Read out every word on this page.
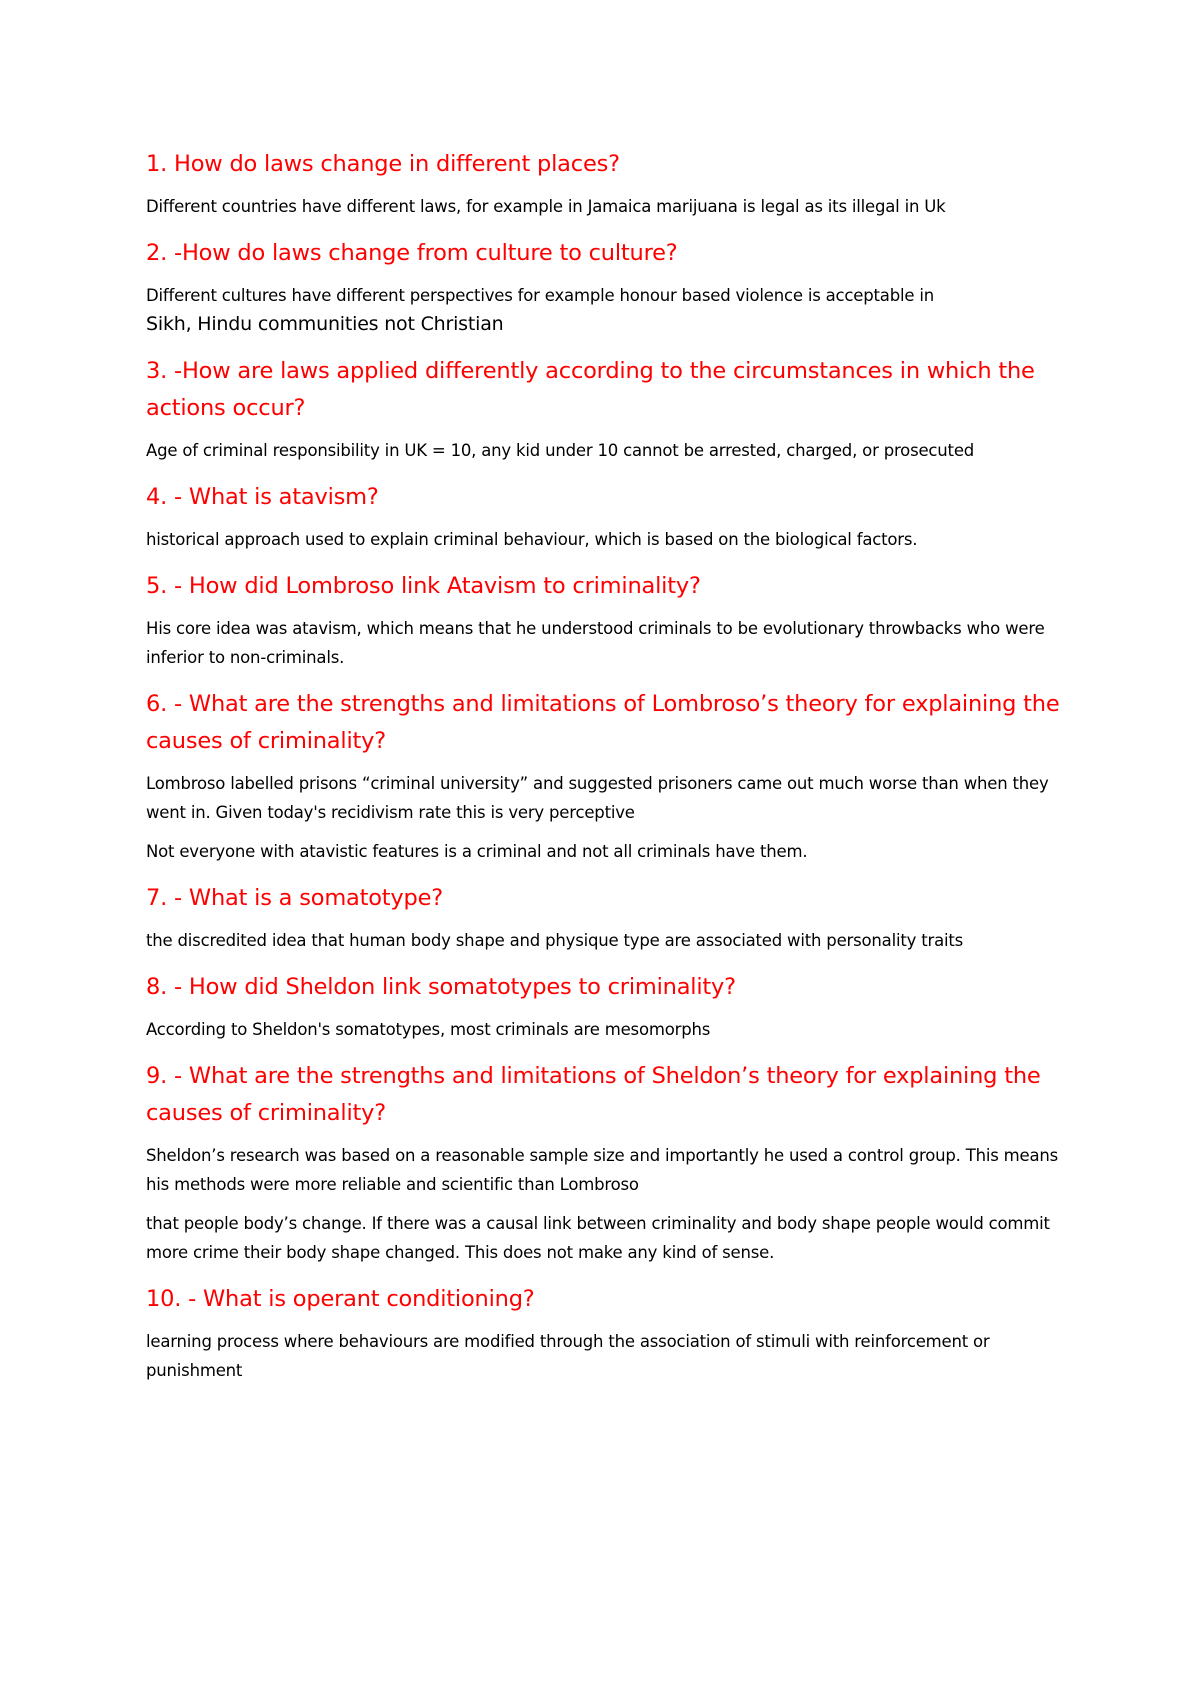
1. How do laws change in different places?

Different countries have different laws, for example in Jamaica marijuana is legal as its illegal in Uk

2. -How do laws change from culture to culture?

Different cultures have different perspectives for example honour based violence is acceptable in
Sikh, Hindu communities not Christian

3. -How are laws applied differently according to the circumstances in which the actions occur?

Age of criminal responsibility in UK = 10, any kid under 10 cannot be arrested, charged, or prosecuted

4. - What is atavism?

historical approach used to explain criminal behaviour, which is based on the biological factors.

5. - How did Lombroso link Atavism to criminality?

His core idea was atavism, which means that he understood criminals to be evolutionary throwbacks who were inferior to non-criminals.

6. - What are the strengths and limitations of Lombroso’s theory for explaining the causes of criminality?

Lombroso labelled prisons “criminal university” and suggested prisoners came out much worse than when they went in. Given today's recidivism rate this is very perceptive

Not everyone with atavistic features is a criminal and not all criminals have them.

7. - What is a somatotype?

the discredited idea that human body shape and physique type are associated with personality traits

8. - How did Sheldon link somatotypes to criminality?

According to Sheldon's somatotypes, most criminals are mesomorphs

9. - What are the strengths and limitations of Sheldon’s theory for explaining the causes of criminality?

Sheldon’s research was based on a reasonable sample size and importantly he used a control group. This means his methods were more reliable and scientific than Lombroso

that people body’s change. If there was a causal link between criminality and body shape people would commit more crime their body shape changed. This does not make any kind of sense.

10. - What is operant conditioning?

learning process where behaviours are modified through the association of stimuli with reinforcement or punishment
